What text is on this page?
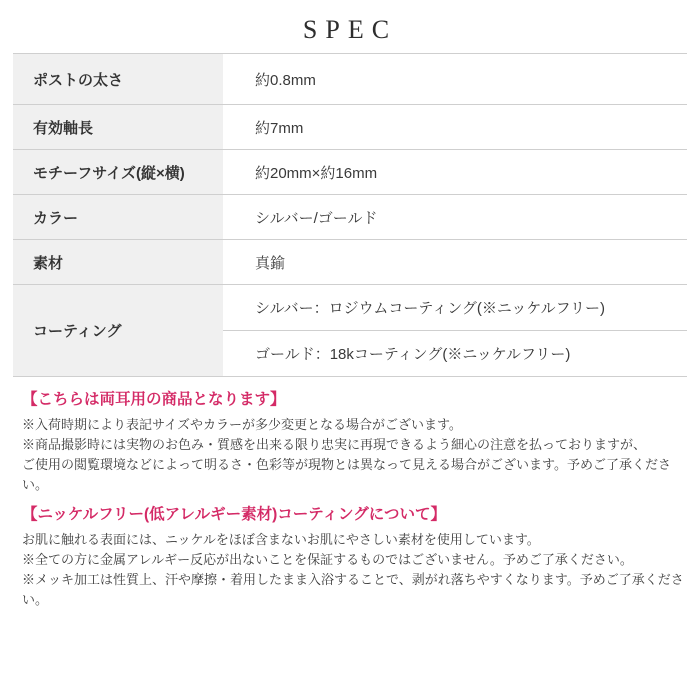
SPEC
ポストの太さ	約0.8mm
有効軸長	約7mm
モチーフサイズ(縦×横)	約20mm×約16mm
カラー	シルバー/ゴールド
素材	真鍮
コーティング	シルバー：ロジウムコーティング(※ニッケルフリー)
	ゴールド：18kコーティング(※ニッケルフリー)
【こちらは両耳用の商品となります】
※入荷時期により表記サイズやカラーが多少変更となる場合がございます。
※商品撮影時には実物のお色み・質感を出来る限り忠実に再現できるよう細心の注意を払っておりますが、
ご使用の閲覧環境などによって明るさ・色彩等が現物とは異なって見える場合がございます。予めご了承ください。
【ニッケルフリー(低アレルギー素材)コーティングについて】
お肌に触れる表面には、ニッケルをほぼ含まないお肌にやさしい素材を使用しています。
※全ての方に金属アレルギー反応が出ないことを保証するものではございません。予めご了承ください。
※メッキ加工は性質上、汗や摩擦・着用したまま入浴することで、剥がれ落ちやすくなります。予めご了承ください。
